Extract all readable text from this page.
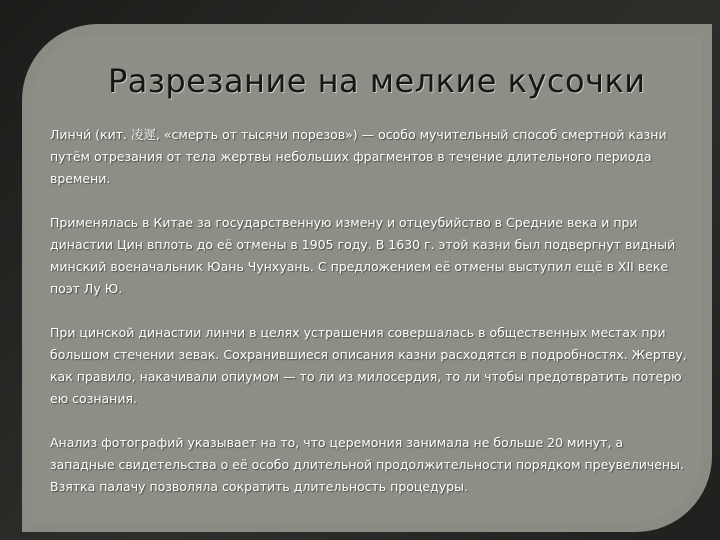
Разрезание на мелкие кусочки

Линчи́ (кит. 凌遲, «смерть от тысячи порезов») — особо мучительный способ смертной казни путём отрезания от тела жертвы небольших фрагментов в течение длительного периода времени.

Применялась в Китае за государственную измену и отцеубийство в Средние века и при династии Цин вплоть до её отмены в 1905 году. В 1630 г. этой казни был подвергнут видный минский военачальник Юань Чунхуань. С предложением её отмены выступил ещё в XII веке поэт Лу Ю.

При цинской династии линчи в целях устрашения совершалась в общественных местах при большом стечении зевак. Сохранившиеся описания казни расходятся в подробностях. Жертву, как правило, накачивали опиумом — то ли из милосердия, то ли чтобы предотвратить потерю ею сознания.

Анализ фотографий указывает на то, что церемония занимала не больше 20 минут, а западные свидетельства о её особо длительной продолжительности порядком преувеличены. Взятка палачу позволяла сократить длительность процедуры.
